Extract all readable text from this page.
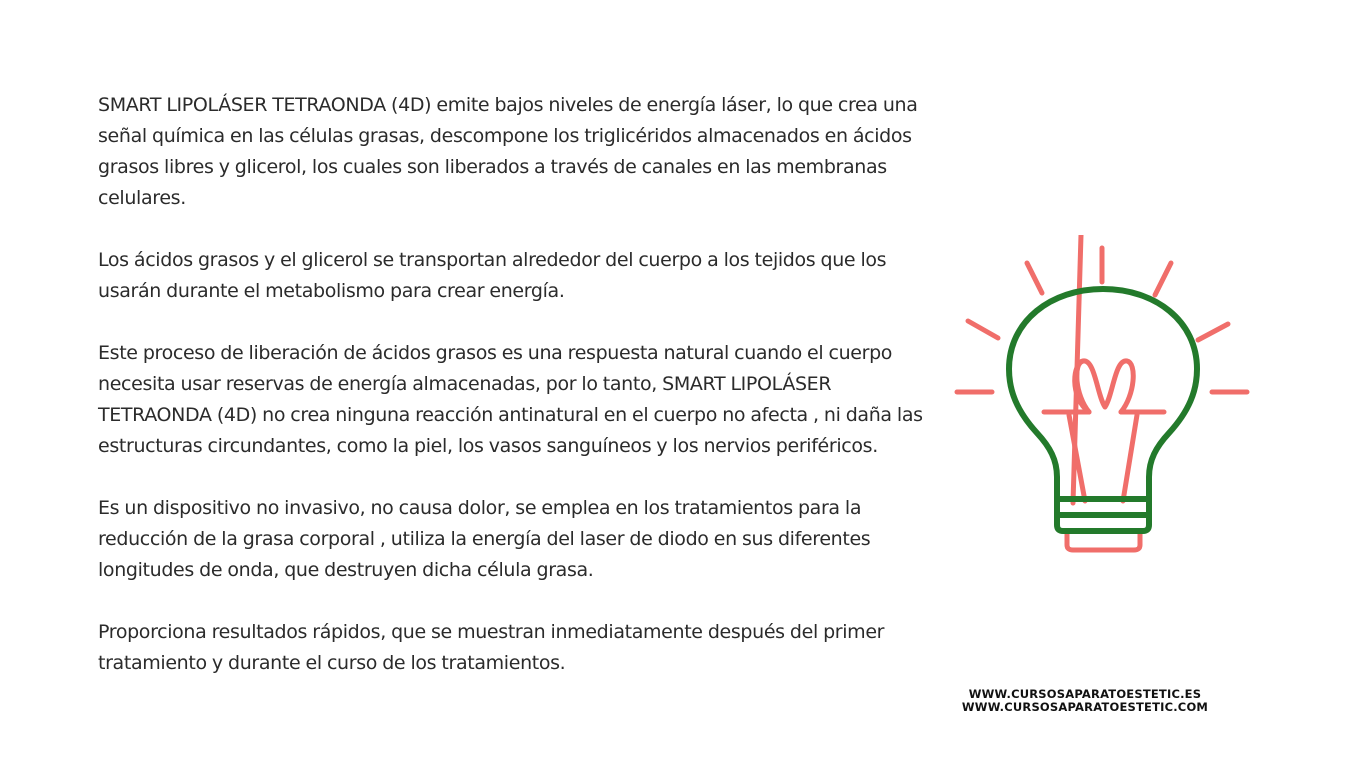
SMART LIPOLÁSER TETRAONDA (4D) emite bajos niveles de energía láser, lo que crea una señal química en las células grasas, descompone los triglicéridos almacenados en ácidos grasos libres y glicerol, los cuales son liberados a través de canales en las membranas celulares.

Los ácidos grasos y el glicerol se transportan alrededor del cuerpo a los tejidos que los usarán durante el metabolismo para crear energía.

Este proceso de liberación de ácidos grasos es una respuesta natural cuando el cuerpo necesita usar reservas de energía almacenadas, por lo tanto, SMART LIPOLÁSER TETRAONDA (4D) no crea ninguna reacción antinatural en el cuerpo no afecta , ni daña las estructuras circundantes, como la piel, los vasos sanguíneos y los nervios periféricos.

Es un dispositivo no invasivo, no causa dolor, se emplea en los tratamientos para la reducción de la grasa corporal , utiliza la energía del laser de diodo en sus diferentes longitudes de onda, que destruyen dicha célula grasa.

Proporciona resultados rápidos, que se muestran inmediatamente después del primer tratamiento y durante el curso de los tratamientos.

WWW.CURSOSAPARATOESTETIC.ES
WWW.CURSOSAPARATOESTETIC.COM
